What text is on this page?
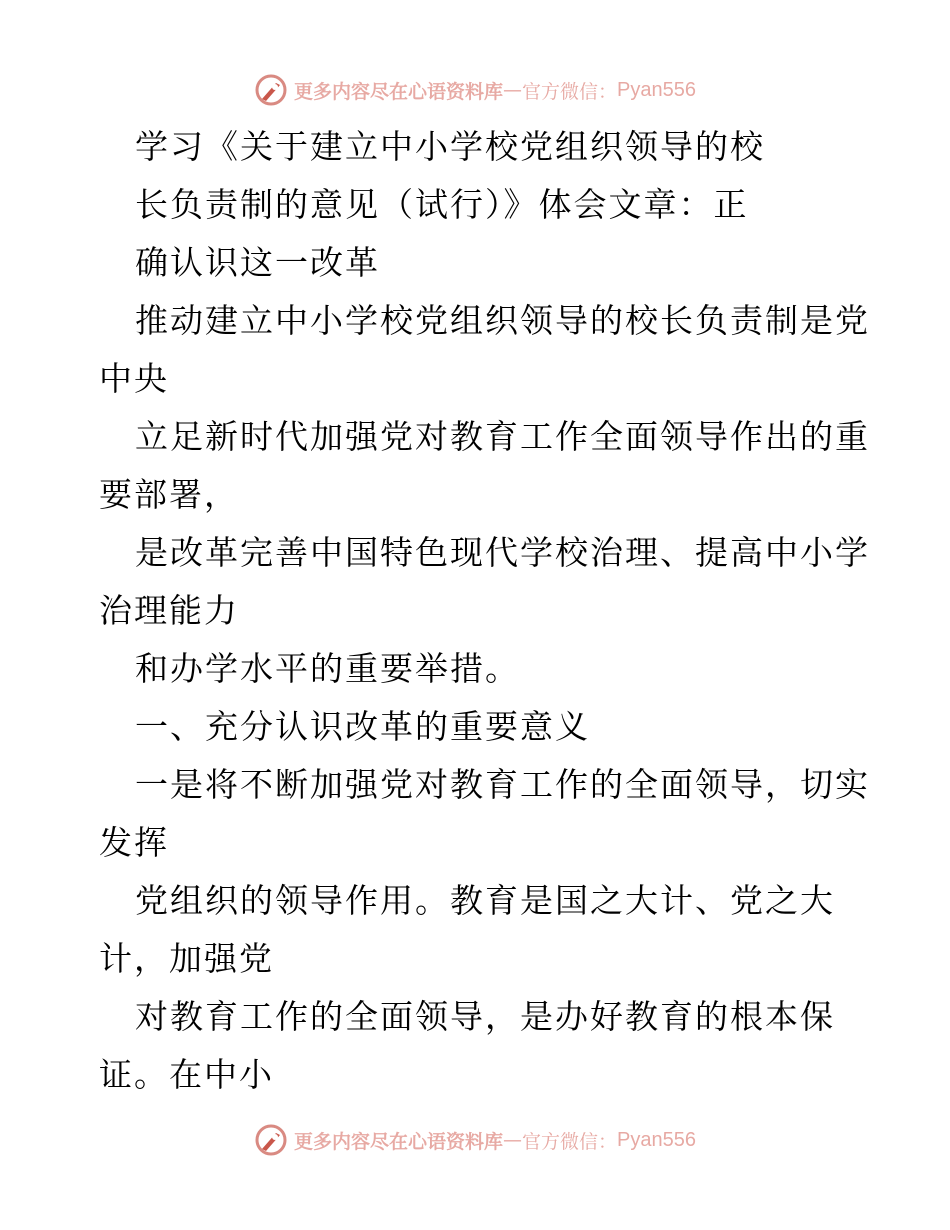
更多内容尽在心语资料库 — 官方微信： Pyan556
学习《关于建立中小学校党组织领导的校
长负责制的意见（试行）》体会文章：正
确认识这一改革
推动建立中小学校党组织领导的校长负责制是党
中央
立足新时代加强党对教育工作全面领导作出的重
要部署，
是改革完善中国特色现代学校治理、提高中小学
治理能力
和办学水平的重要举措。
一、充分认识改革的重要意义
一是将不断加强党对教育工作的全面领导，切实
发挥
党组织的领导作用。教育是国之大计、党之大
计，加强党
对教育工作的全面领导，是办好教育的根本保
证。在中小
更多内容尽在心语资料库 — 官方微信： Pyan556
